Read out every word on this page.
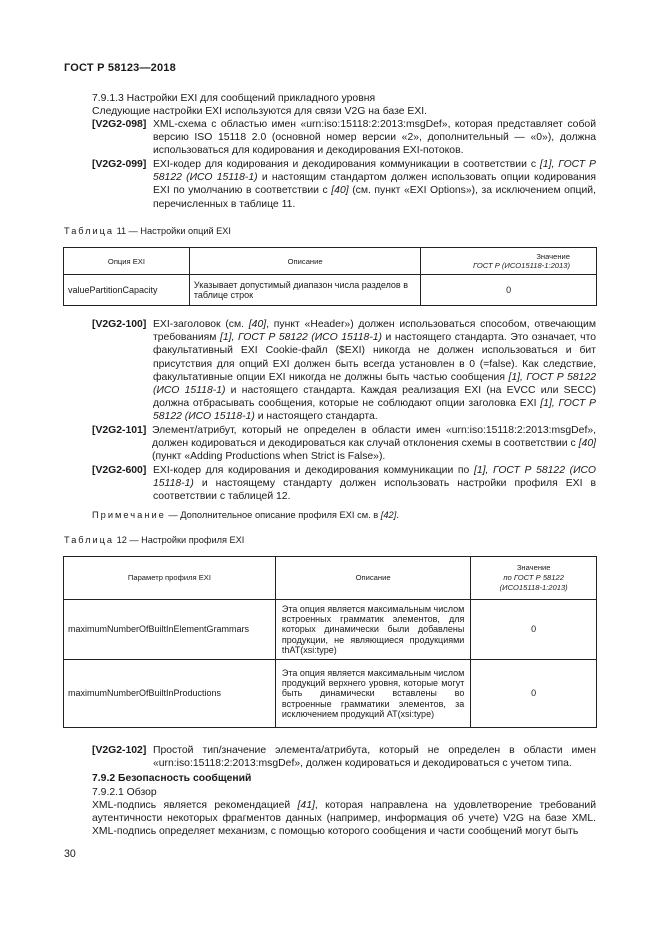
ГОСТ Р 58123—2018
7.9.1.3 Настройки EXI для сообщений прикладного уровня
Следующие настройки EXI используются для связи V2G на базе EXI.
[V2G2-098] XML-схема с областью имен «urn:iso:15118:2:2013:msgDef», которая представляет собой версию ISO 15118 2.0 (основной номер версии «2», дополнительный — «0»), должна использоваться для кодирования и декодирования EXI-потоков.
[V2G2-099] EXI-кодер для кодирования и декодирования коммуникации в соответствии с [1], ГОСТ Р 58122 (ИСО 15118-1) и настоящим стандартом должен использовать опции кодирования EXI по умолчанию в соответствии с [40] (см. пункт «EXI Options»), за исключением опций, перечисленных в таблице 11.
Таблица 11 — Настройки опций EXI
Опция EXI	Описание	Значение
ГОСТ Р (ИСО15118-1:2013)

valuePartitionCapacity	Указывает допустимый диапазон числа разделов в таблице строк	0
[V2G2-100] EXI-заголовок (см. [40], пункт «Header») должен использоваться способом, отвечающим требованиям [1], ГОСТ Р 58122 (ИСО 15118-1) и настоящего стандарта. Это означает, что факультативный EXI Cookie-файл ($EXI) никогда не должен использоваться и бит присутствия для опций EXI должен быть всегда установлен в 0 (=false). Как следствие, факультативные опции EXI никогда не должны быть частью сообщения [1], ГОСТ Р 58122 (ИСО 15118-1) и настоящего стандарта. Каждая реализация EXI (на EVCC или SECC) должна отбрасывать сообщения, которые не соблюдают опции заголовка EXI [1], ГОСТ Р 58122 (ИСО 15118-1) и настоящего стандарта.
[V2G2-101] Элемент/атрибут, который не определен в области имен «urn:iso:15118:2:2013:msgDef», должен кодироваться и декодироваться как случай отклонения схемы в соответствии с [40] (пункт «Adding Productions when Strict is False»).
[V2G2-600] EXI-кодер для кодирования и декодирования коммуникации по [1], ГОСТ Р 58122 (ИСО 15118-1) и настоящему стандарту должен использовать настройки профиля EXI в соответствии с таблицей 12.
Примечание — Дополнительное описание профиля EXI см. в [42].
Таблица 12 — Настройки профиля EXI
Параметр профиля EXI	Описание	Значение
по ГОСТ Р 58122
(ИСО15118-1:2013)

maximumNumberOfBuiltInElementGrammars	Эта опция является максимальным числом встроенных грамматик элементов, для которых динамически были добавлены продукции, не являющиеся продукциями thAT(xsi:type)	0
maximumNumberOfBuiltInProductions	Эта опция является максимальным числом продукций верхнего уровня, которые могут быть динамически вставлены во встроенные грамматики элементов, за исключением продукций AT(xsi:type)	0
[V2G2-102] Простой тип/значение элемента/атрибута, который не определен в области имен «urn:iso:15118:2:2013:msgDef», должен кодироваться и декодироваться с учетом типа.
7.9.2 Безопасность сообщений
7.9.2.1 Обзор
XML-подпись является рекомендацией [41], которая направлена на удовлетворение требований аутентичности некоторых фрагментов данных (например, информация об учете) V2G на базе XML. XML-подпись определяет механизм, с помощью которого сообщения и части сообщений могут быть
30
